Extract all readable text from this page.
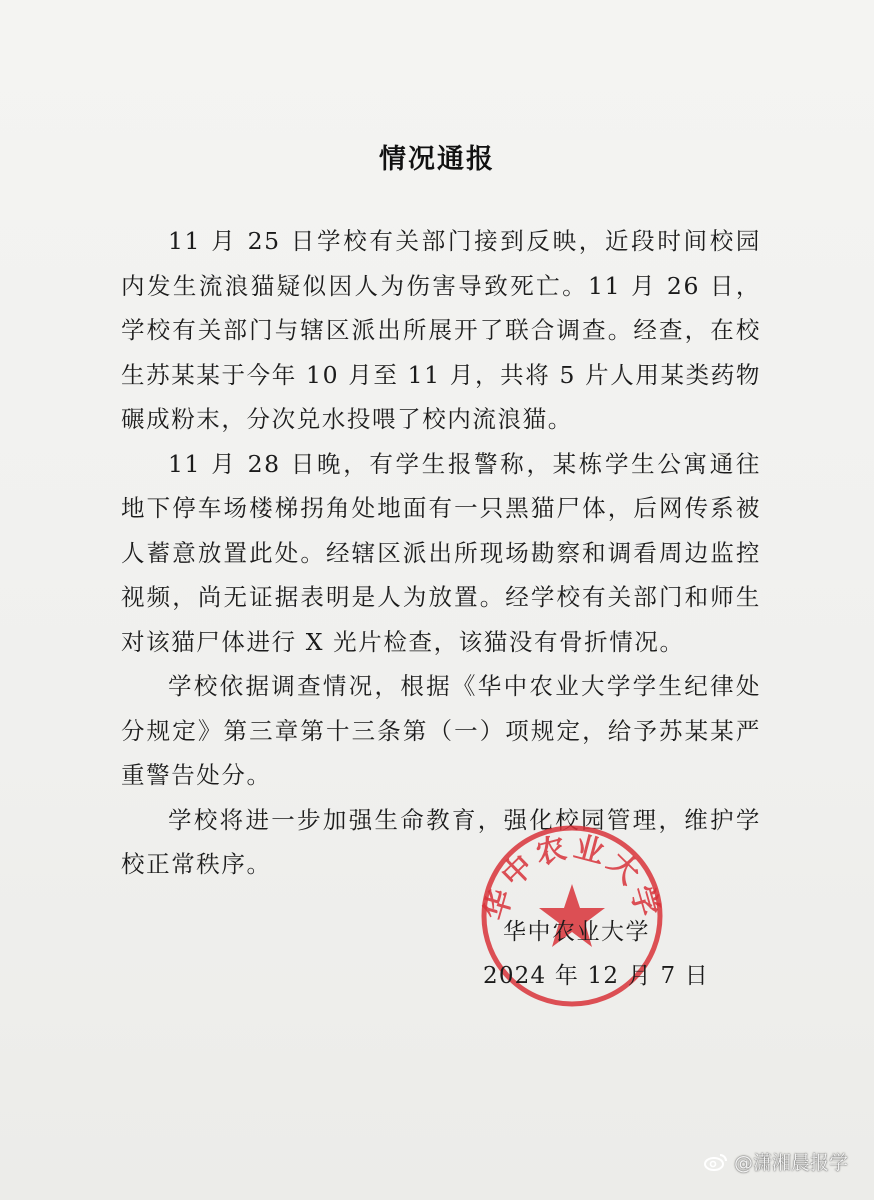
情况通报

11 月 25 日学校有关部门接到反映，近段时间校园内发生流浪猫疑似因人为伤害导致死亡。11 月 26 日，学校有关部门与辖区派出所展开了联合调查。经查，在校生苏某某于今年 10 月至 11 月，共将 5 片人用某类药物碾成粉末，分次兑水投喂了校内流浪猫。

11 月 28 日晚，有学生报警称，某栋学生公寓通往地下停车场楼梯拐角处地面有一只黑猫尸体，后网传系被人蓄意放置此处。经辖区派出所现场勘察和调看周边监控视频，尚无证据表明是人为放置。经学校有关部门和师生对该猫尸体进行 X 光片检查，该猫没有骨折情况。

学校依据调查情况，根据《华中农业大学学生纪律处分规定》第三章第十三条第（一）项规定，给予苏某某严重警告处分。

学校将进一步加强生命教育，强化校园管理，维护学校正常秩序。

华中农业大学
华中农业大学
2024 年 12 月 7 日
@潇湘晨报学
